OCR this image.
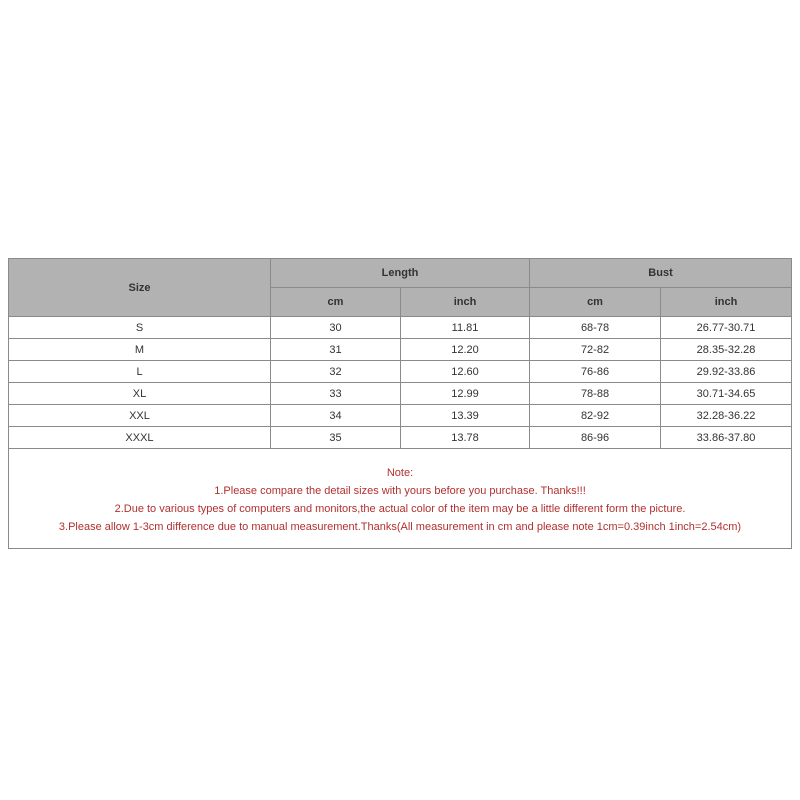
Size	Length		Bust	
	cm	inch	cm	inch
S	30	11.81	68-78	26.77-30.71
M	31	12.20	72-82	28.35-32.28
L	32	12.60	76-86	29.92-33.86
XL	33	12.99	78-88	30.71-34.65
XXL	34	13.39	82-92	32.28-36.22
XXXL	35	13.78	86-96	33.86-37.80

Note:
1.Please compare the detail sizes with yours before you purchase. Thanks!!!
2.Due to various types of computers and monitors,the actual color of the item may be a little different form the picture.
3.Please allow 1-3cm difference due to manual measurement.Thanks(All measurement in cm and please note 1cm=0.39inch 1inch=2.54cm)				
